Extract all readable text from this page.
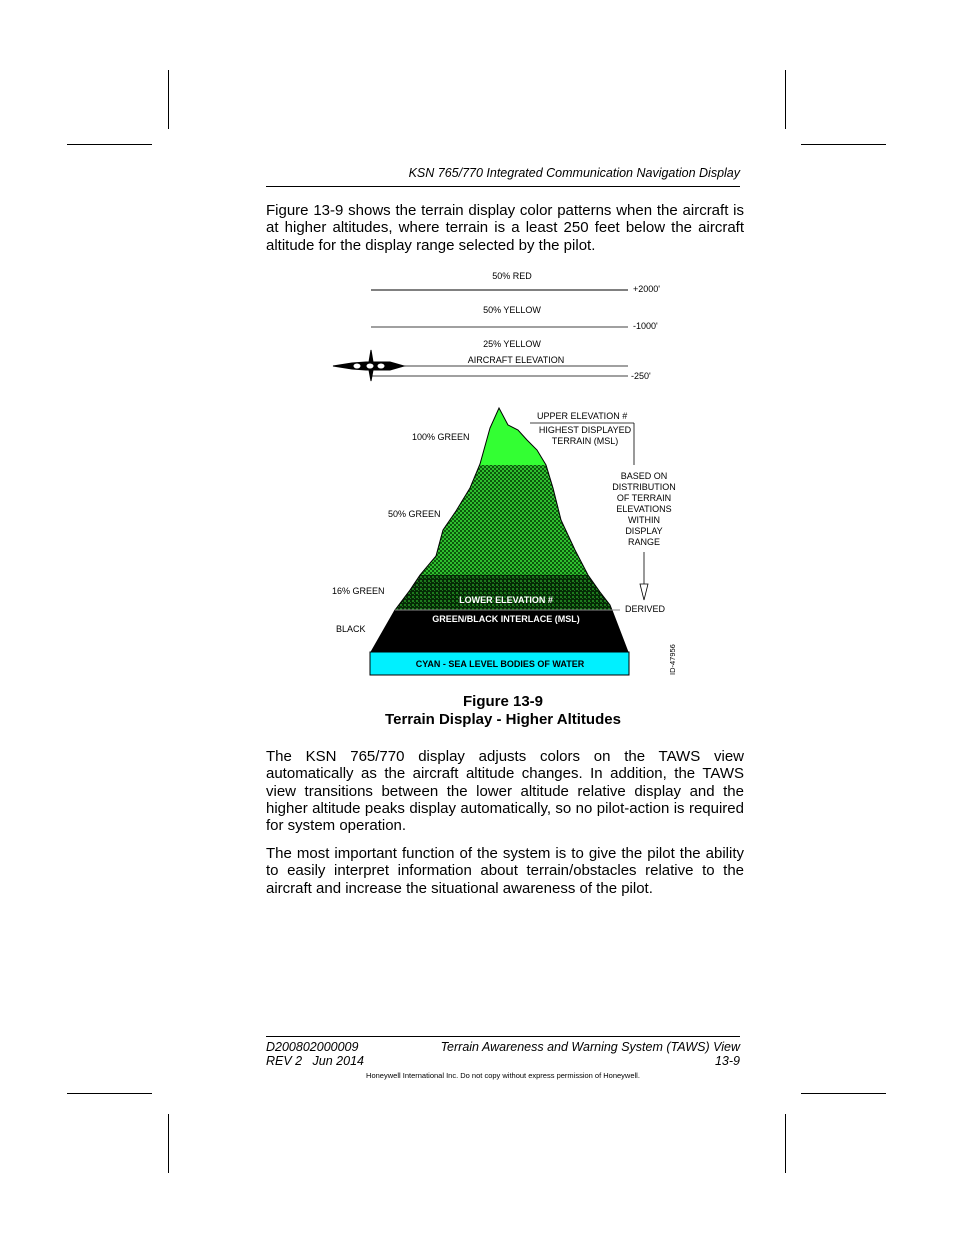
KSN 765/770 Integrated Communication Navigation Display

Figure 13‑9 shows the terrain display color patterns when the aircraft is at higher altitudes, where terrain is a least 250 feet below the aircraft altitude for the display range selected by the pilot.

50% RED
+2000'
50% YELLOW
-1000'
25% YELLOW
AIRCRAFT ELEVATION
-250'
CYAN - SEA LEVEL BODIES OF WATER
LOWER ELEVATION #
GREEN/BLACK INTERLACE (MSL)
DERIVED
100% GREEN
50% GREEN
16% GREEN
BLACK
UPPER ELEVATION #
HIGHEST DISPLAYED
TERRAIN (MSL)
BASED ON
DISTRIBUTION
OF TERRAIN
ELEVATIONS
WITHIN
DISPLAY
RANGE
ID-47956
Figure 13‑9
Terrain Display ‑ Higher Altitudes

The KSN 765/770 display adjusts colors on the TAWS view automatically as the aircraft altitude changes. In addition, the TAWS view transitions between the lower altitude relative display and the higher altitude peaks display automatically, so no pilot‑action is required for system operation.

The most important function of the system is to give the pilot the ability to easily interpret information about terrain/obstacles relative to the aircraft and increase the situational awareness of the pilot.

D200802000009
REV 2   Jun 2014
Terrain Awareness and Warning System (TAWS) View
13-9
Honeywell International Inc. Do not copy without express permission of Honeywell.
